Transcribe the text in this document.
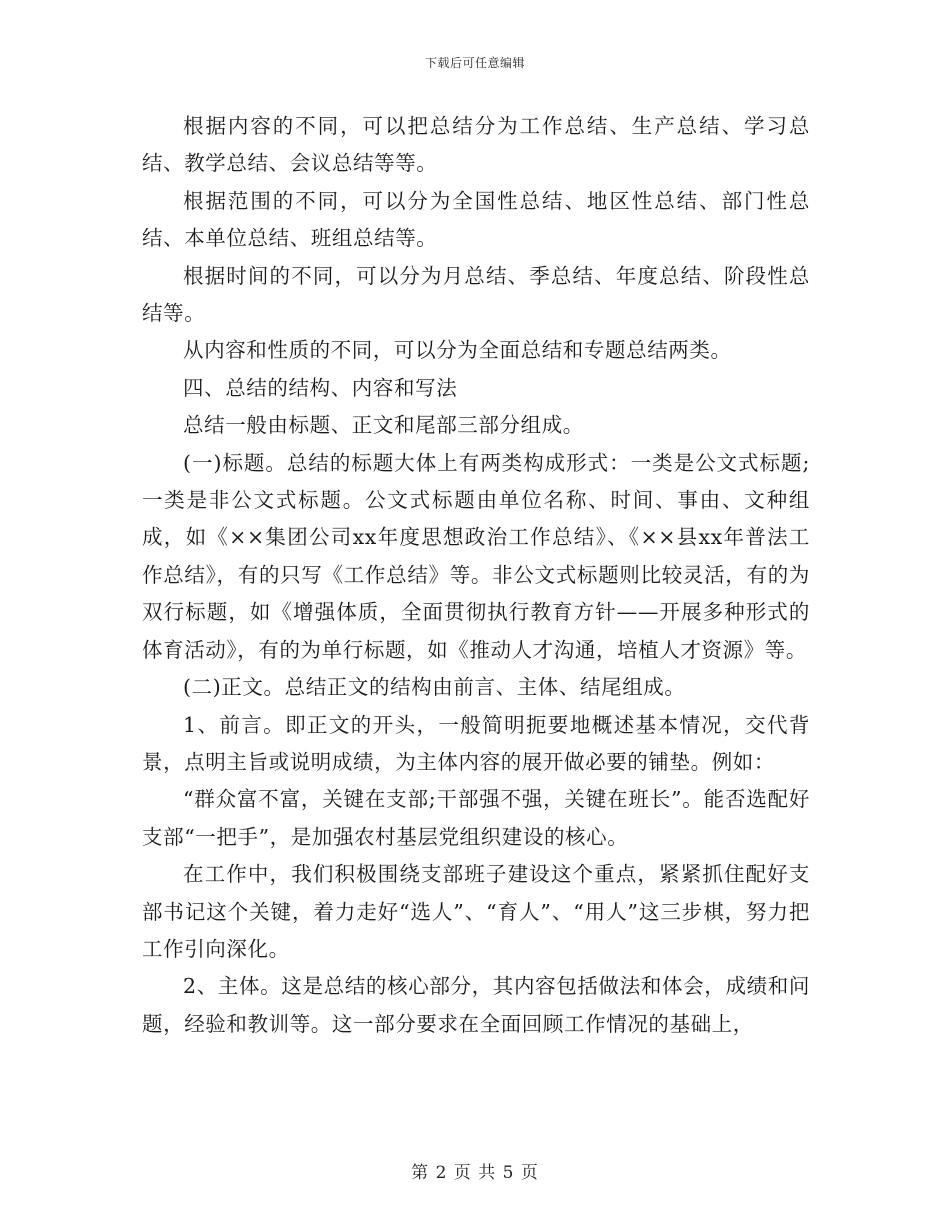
下载后可任意编辑

根据内容的不同，可以把总结分为工作总结、生产总结、学习总结、教学总结、会议总结等等。

根据范围的不同，可以分为全国性总结、地区性总结、部门性总结、本单位总结、班组总结等。

根据时间的不同，可以分为月总结、季总结、年度总结、阶段性总结等。

从内容和性质的不同，可以分为全面总结和专题总结两类。

四、总结的结构、内容和写法

总结一般由标题、正文和尾部三部分组成。

(一)标题。总结的标题大体上有两类构成形式：一类是公文式标题;一类是非公文式标题。公文式标题由单位名称、时间、事由、文种组成，如《××集团公司xx年度思想政治工作总结》、《××县xx年普法工作总结》，有的只写《工作总结》等。非公文式标题则比较灵活，有的为双行标题，如《增强体质，全面贯彻执行教育方针——开展多种形式的体育活动》，有的为单行标题，如《推动人才沟通，培植人才资源》等。

(二)正文。总结正文的结构由前言、主体、结尾组成。

1、前言。即正文的开头，一般简明扼要地概述基本情况，交代背景，点明主旨或说明成绩，为主体内容的展开做必要的铺垫。例如：

“群众富不富，关键在支部;干部强不强，关键在班长”。能否选配好支部“一把手”，是加强农村基层党组织建设的核心。

在工作中，我们积极围绕支部班子建设这个重点，紧紧抓住配好支部书记这个关键，着力走好“选人”、“育人”、“用人”这三步棋，努力把工作引向深化。

2、主体。这是总结的核心部分，其内容包括做法和体会，成绩和问题，经验和教训等。这一部分要求在全面回顾工作情况的基础上，

第 2 页 共 5 页
